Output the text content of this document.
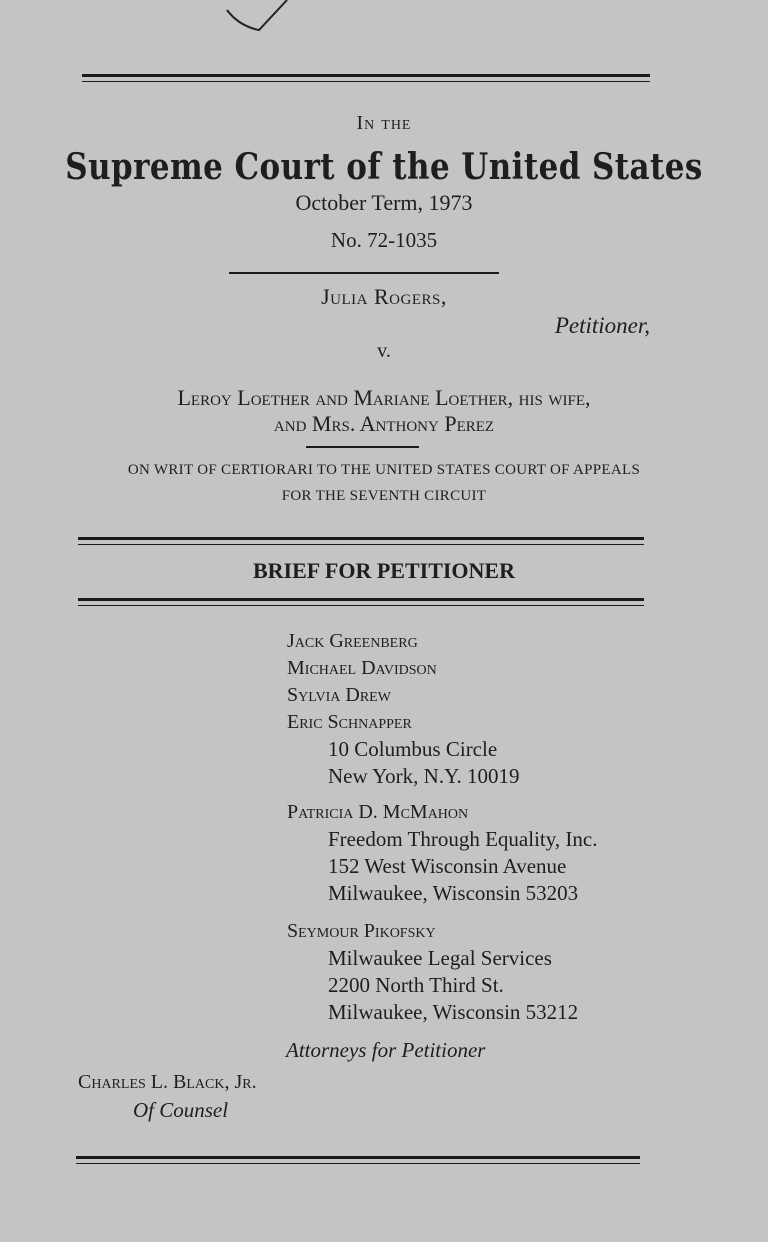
In the
Supreme Court of the United States
October Term, 1973
No. 72-1035
Julia Rogers,
Petitioner,
v.
Leroy Loether and Mariane Loether, his wife,
and Mrs. Anthony Perez
ON WRIT OF CERTIORARI TO THE UNITED STATES COURT OF APPEALS
FOR THE SEVENTH CIRCUIT
BRIEF FOR PETITIONER
Jack Greenberg
Michael Davidson
Sylvia Drew
Eric Schnapper
10 Columbus Circle
New York, N.Y. 10019
Patricia D. McMahon
Freedom Through Equality, Inc.
152 West Wisconsin Avenue
Milwaukee, Wisconsin 53203
Seymour Pikofsky
Milwaukee Legal Services
2200 North Third St.
Milwaukee, Wisconsin 53212
Attorneys for Petitioner
Charles L. Black, Jr.
Of Counsel
